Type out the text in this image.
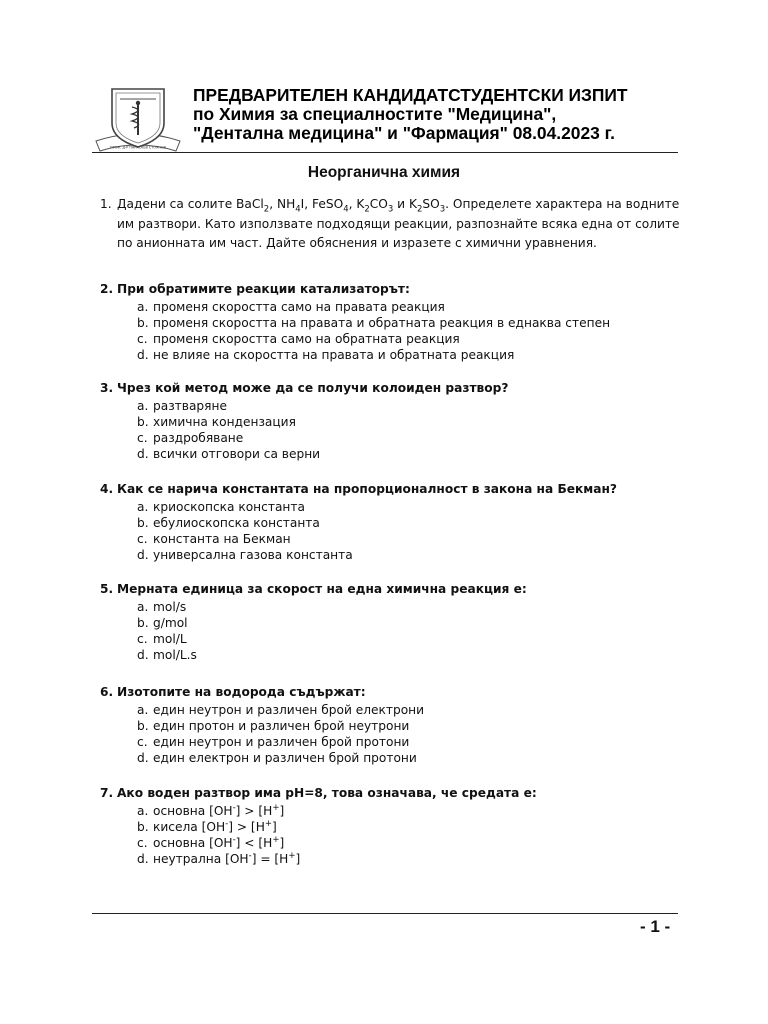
ПРОФ. Д-Р ПАРАСКЕВ СТОЯНОВ
ПРЕДВАРИТЕЛЕН КАНДИДАТСТУДЕНТСКИ ИЗПИТ
по Химия за специалностите "Медицина",
"Дентална медицина" и "Фармация" 08.04.2023 г.
Неорганична химия
1. Дадени са солите BaCl$_2$, $NH_4I$, FeSO$_4$, $K_2CO_3$ и $K_2SO_3$. Определете характера на водните им разтвори. Като използвате подходящи реакции, разпознайте всяка една от солите по анионната им част. Дайте обяснения и изразете с химични уравнения.
2. При обратимите реакции катализаторът:
a. променя скоростта само на правата реакция
b. променя скоростта на правата и обратната реакция в еднаква степен
c. променя скоростта само на обратната реакция
d. не влияе на скоростта на правата и обратната реакция
3. Чрез кой метод може да се получи колоиден разтвор?
a. разтваряне
b. химична кондензация
c. раздробяване
d. всички отговори са верни
4. Как се нарича константата на пропорционалност в закона на Бекман?
a. криоскопска константа
b. ебулиоскопска константа
c. константа на Бекман
d. универсална газова константа
5. Мерната единица за скорост на една химична реакция е:
a. mol/s
b. g/mol
c. mol/L
d. mol/L.s
6. Изотопите на водорода съдържат:
a. един неутрон и различен брой електрони
b. един протон и различен брой неутрони
c. един неутрон и различен брой протони
d. един електрон и различен брой протони
7. Ако воден разтвор има pH=8, това означава, че средата е:
a. основна [OH-] > [H+]
b. кисела [OH-] > [H+]
c. основна [OH-] < [H+]
d. неутрална [OH-] = [H+]
- 1 -
